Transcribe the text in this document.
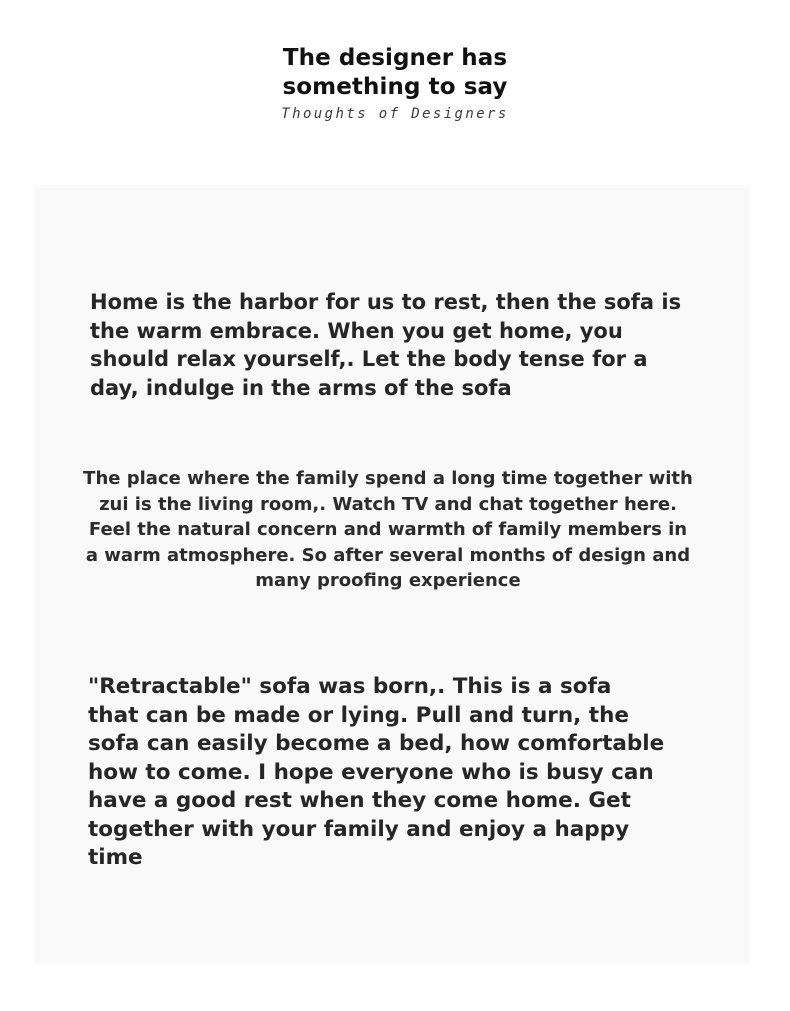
The designer has
something to say
Thoughts of Designers

Home is the harbor for us to rest, then the sofa is the warm embrace. When you get home, you should relax yourself,. Let the body tense for a day, indulge in the arms of the sofa

The place where the family spend a long time together with zui is the living room,. Watch TV and chat together here. Feel the natural concern and warmth of family members in a warm atmosphere. So after several months of design and many proofing experience

"Retractable" sofa was born,. This is a sofa that can be made or lying. Pull and turn, the sofa can easily become a bed, how comfortable how to come. I hope everyone who is busy can have a good rest when they come home. Get together with your family and enjoy a happy time
